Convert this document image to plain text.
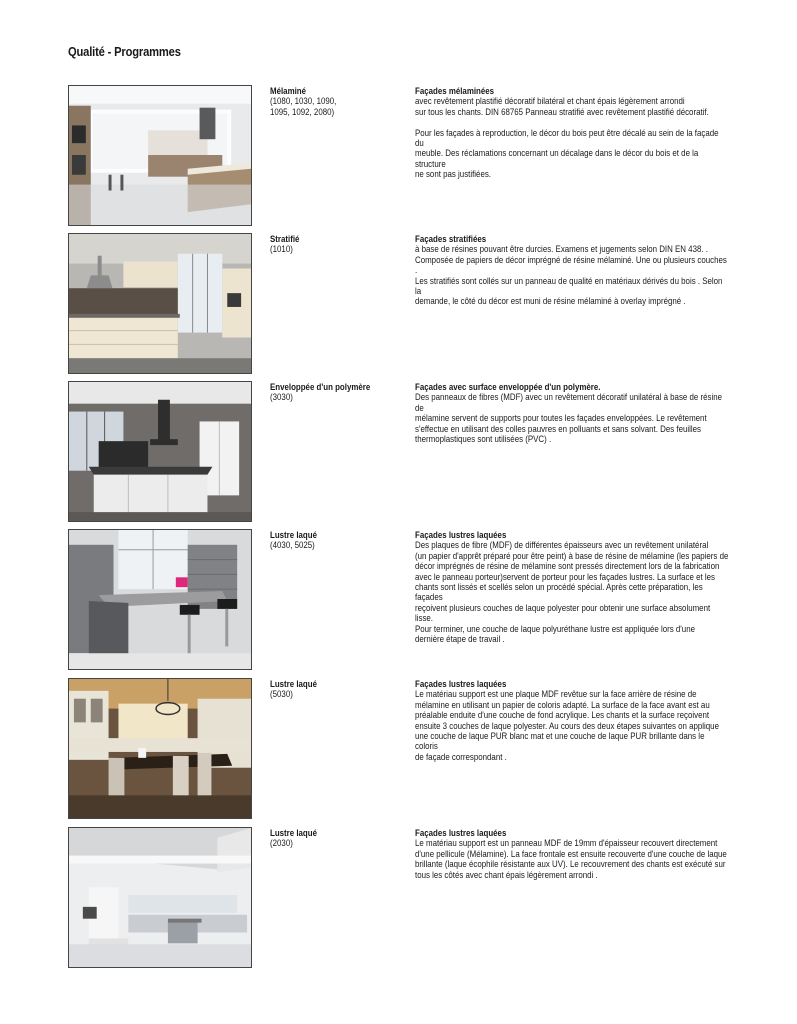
Qualité - Programmes
Mélaminé
(1080, 1030, 1090,
1095, 1092, 2080)
Façades mélaminées

avec revêtement plastifié décoratif bilatéral et chant épais légèrement arrondi
sur tous les chants. DIN 68765 Panneau stratifié avec revêtement plastifié décoratif.

Pour les façades à reproduction, le décor du bois peut être décalé au sein de la façade du
meuble. Des réclamations concernant un décalage dans le décor du bois et de la structure
ne sont pas justifiées.

Stratifié
(1010)
Façades stratifiées

à base de résines pouvant être durcies. Examens et jugements selon DIN EN 438. .
Composée de papiers de décor imprégné de résine mélaminé. Une ou plusieurs couches .
Les stratifiés sont collés sur un panneau de qualité en matériaux dérivés du bois . Selon la
demande, le côté du décor est muni de résine mélaminé à overlay imprégné .

Enveloppée d'un polymère
(3030)
Façades avec surface enveloppée d'un polymère.

Des panneaux de fibres (MDF) avec un revêtement décoratif unilatéral à base de résine de
mélamine servent de supports pour toutes les façades enveloppées. Le revêtement
s'effectue en utilisant des colles pauvres en polluants et sans solvant. Des feuilles
thermoplastiques sont utilisées (PVC) .

Lustre laqué
(4030, 5025)
Façades lustres laquées

Des plaques de fibre (MDF) de différentes épaisseurs avec un revêtement unilatéral
(un papier d'apprêt préparé pour être peint) à base de résine de mélamine (les papiers de
décor imprégnés de résine de mélamine sont pressés directement lors de la fabrication
avec le panneau porteur)servent de porteur pour les façades lustres. La surface et les
chants sont lissés et scellés selon un procédé spécial. Après cette préparation, les façades
reçoivent plusieurs couches de laque polyester pour obtenir une surface absolument lisse.
Pour terminer, une couche de laque polyuréthane lustre est appliquée lors d'une
dernière étape de travail .

Lustre laqué
(5030)
Façades lustres laquées

Le matériau support est une plaque MDF revêtue sur la face arrière de résine de
mélamine en utilisant un papier de coloris adapté. La surface de la face avant est au
préalable enduite d'une couche de fond acrylique. Les chants et la surface reçoivent
ensuite 3 couches de laque polyester. Au cours des deux étapes suivantes on applique
une couche de laque PUR blanc mat et une couche de laque PUR brillante dans le coloris
de façade correspondant .

Lustre laqué
(2030)
Façades lustres laquées

Le matériau support est un panneau MDF de 19mm d'épaisseur recouvert directement
d'une pellicule (Mélamine). La face frontale est ensuite recouverte d'une couche de laque
brillante (laque écophile résistante aux UV). Le recouvrement des chants est exécuté sur
tous les côtés avec chant épais légèrement arrondi .
